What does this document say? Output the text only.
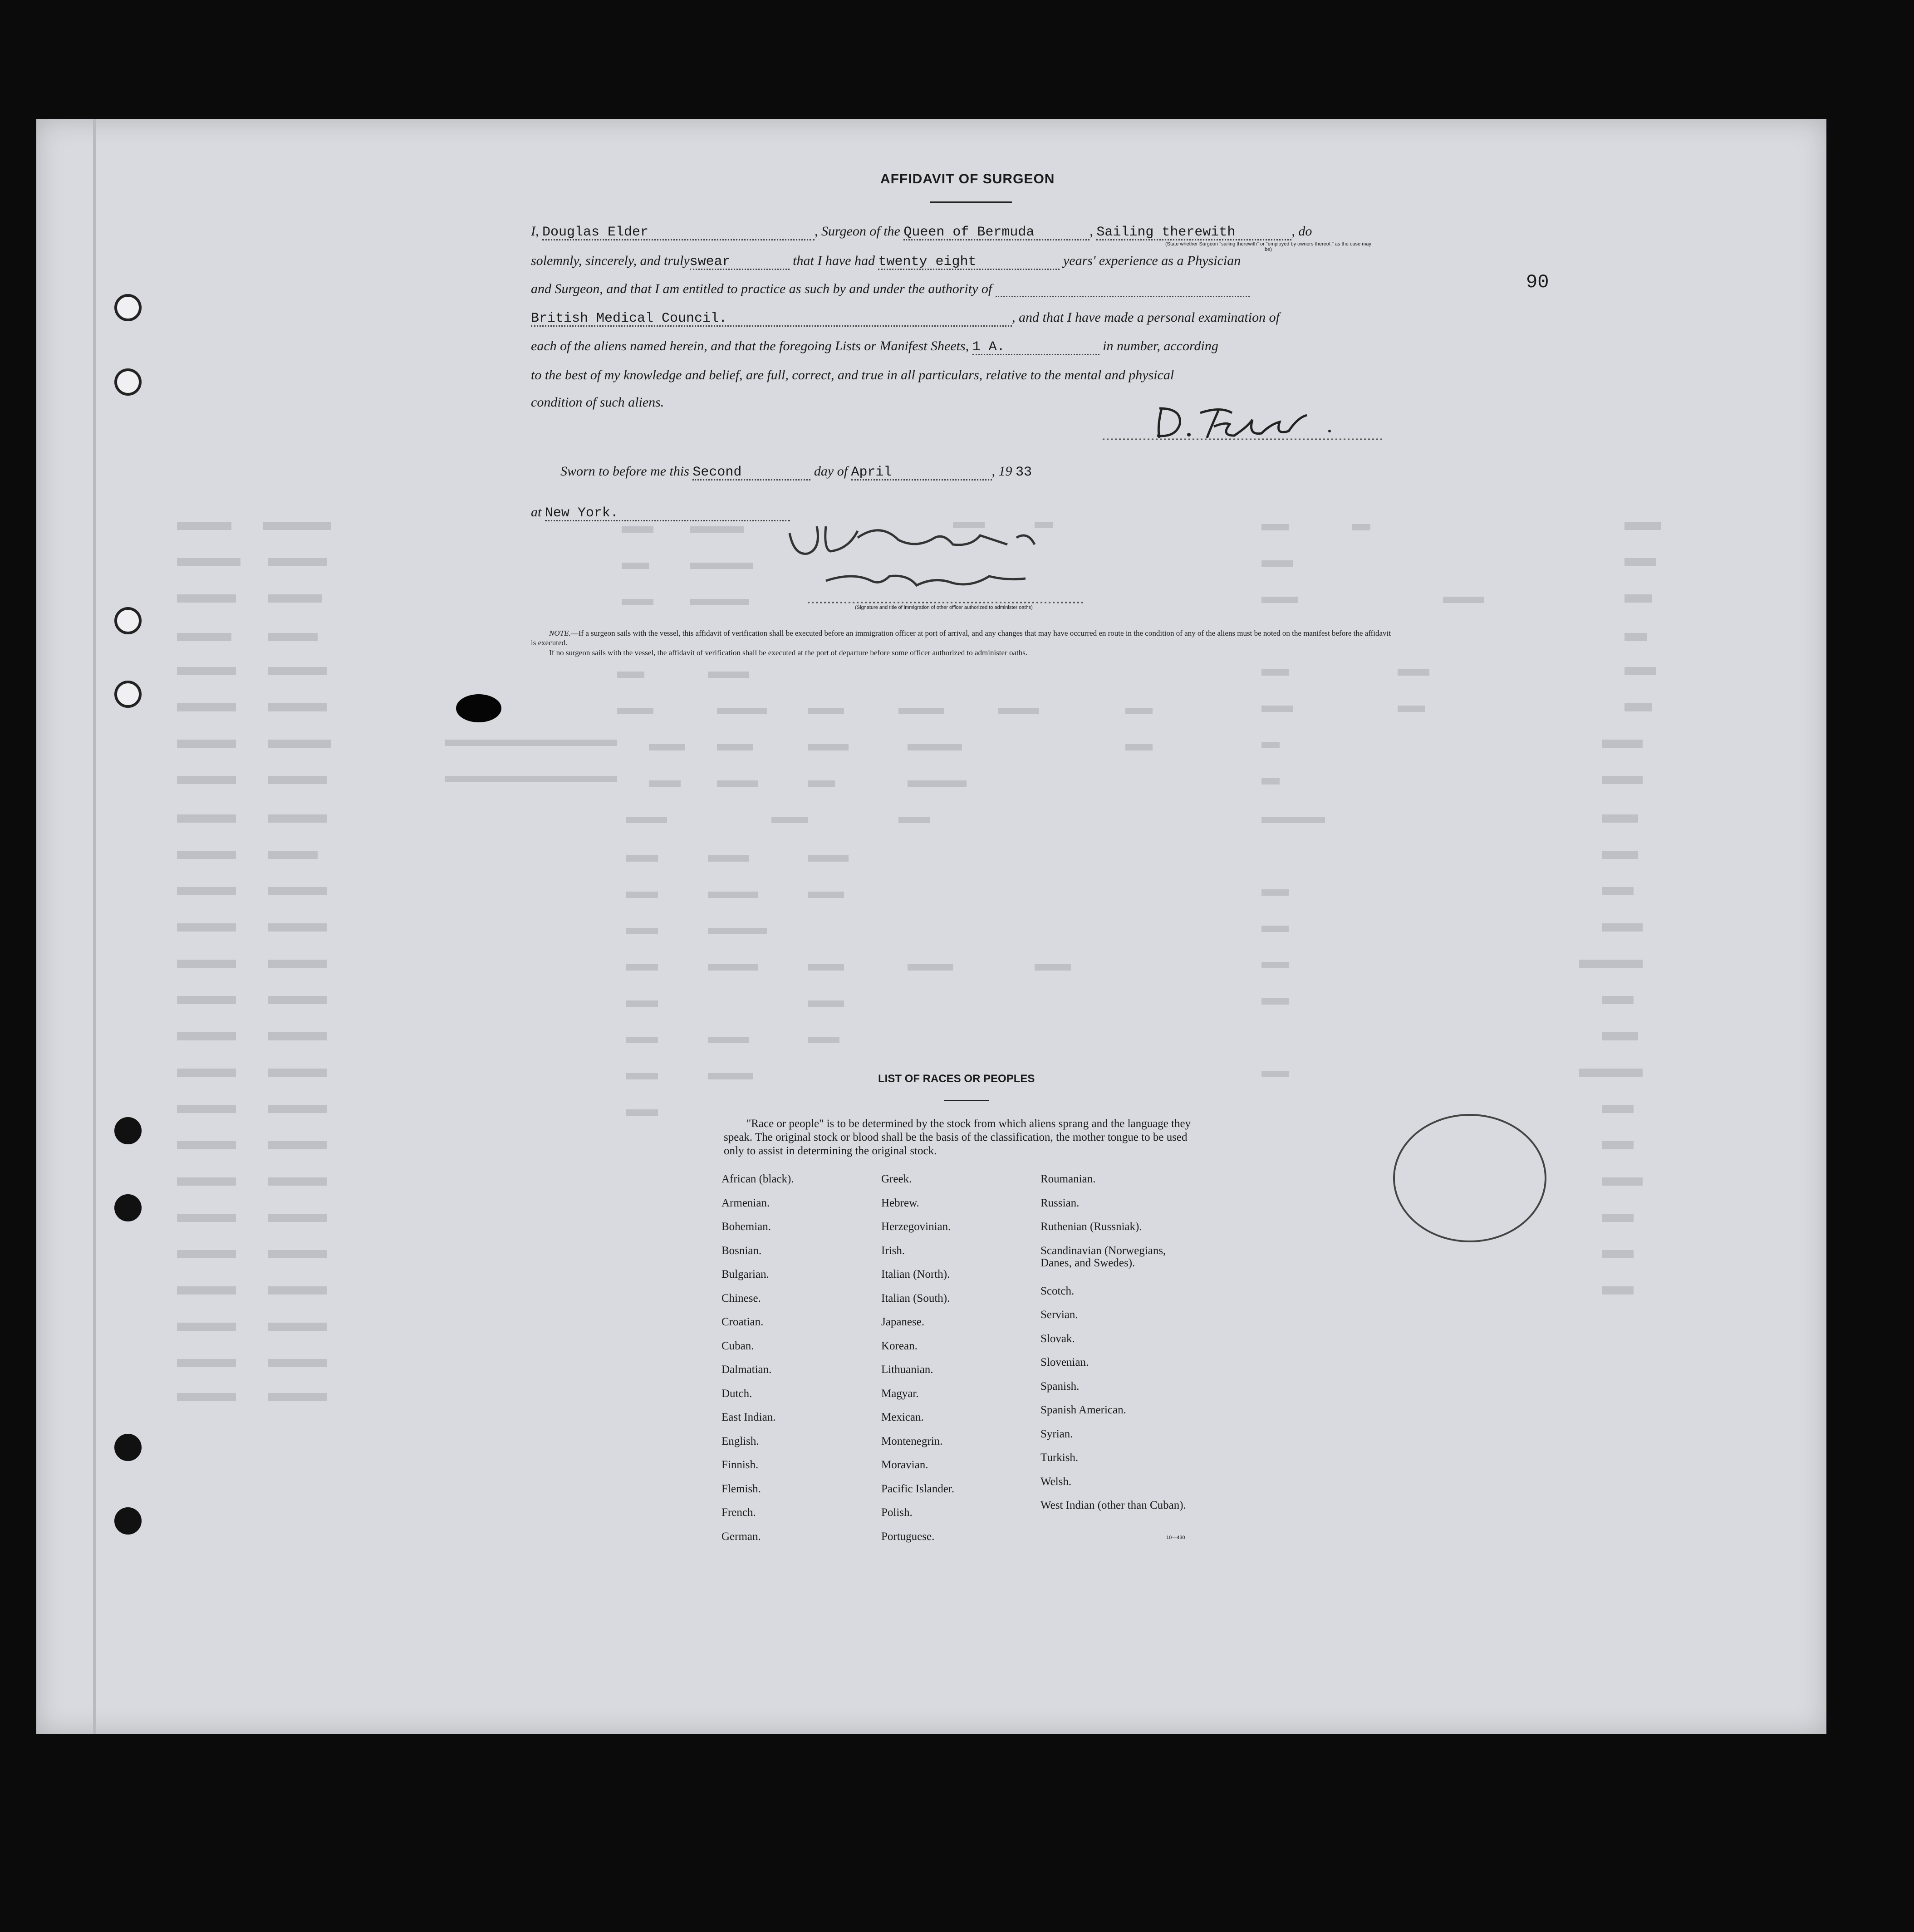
AFFIDAVIT OF SURGEON
I, Douglas Elder	, Surgeon of the Queen of Bermuda	, Sailing therewith	, do
(State whether Surgeon "sailing therewith" or "employed by owners thereof," as the case may be)
solemnly, sincerely, and trulyswear	that I have had twenty eight	years' experience as a Physician
and Surgeon, and that I am entitled to practice as such by and under the authority of
British Medical Council.	, and that I have made a personal examination of
each of the aliens named herein, and that the foregoing Lists or Manifest Sheets, 1 A.	in number, according
to the best of my knowledge and belief, are full, correct, and true in all particulars, relative to the mental and physical
condition of such aliens.
Sworn to before me this Second	day of April	, 19 33
at New York.
(Signature and title of immigration of other officer authorized to administer oaths)
NOTE.—If a surgeon sails with the vessel, this affidavit of verification shall be executed before an immigration officer at port of arrival, and any changes that may have occurred en route in the condition of any of the aliens must be noted on the manifest before the affidavit is executed.
If no surgeon sails with the vessel, the affidavit of verification shall be executed at the port of departure before some officer authorized to administer oaths.
90
LIST OF RACES OR PEOPLES
"Race or people" is to be determined by the stock from which aliens sprang and the language they speak. The original stock or blood shall be the basis of the classification, the mother tongue to be used only to assist in determining the original stock.
African (black).
Armenian.
Bohemian.
Bosnian.
Bulgarian.
Chinese.
Croatian.
Cuban.
Dalmatian.
Dutch.
East Indian.
English.
Finnish.
Flemish.
French.
German.
Greek.
Hebrew.
Herzegovinian.
Irish.
Italian (North).
Italian (South).
Japanese.
Korean.
Lithuanian.
Magyar.
Mexican.
Montenegrin.
Moravian.
Pacific Islander.
Polish.
Portuguese.
Roumanian.
Russian.
Ruthenian (Russniak).
Scandinavian (Norwegians, Danes, and Swedes).
Scotch.
Servian.
Slovak.
Slovenian.
Spanish.
Spanish American.
Syrian.
Turkish.
Welsh.
West Indian (other than Cuban).
10—430
